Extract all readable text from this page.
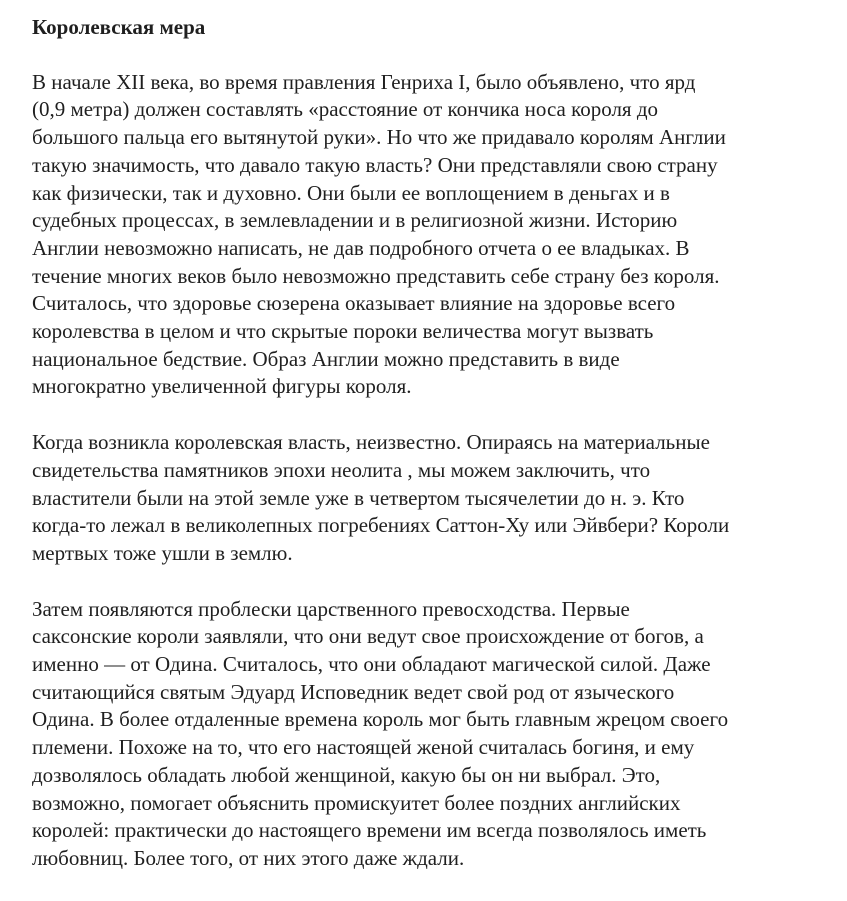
Королевская мера
В начале XII века, во время правления Генриха I, было объявлено, что ярд
(0,9 метра) должен составлять «расстояние от кончика носа короля до
большого пальца его вытянутой руки». Но что же придавало королям Англии
такую значимость, что давало такую власть? Они представляли свою страну
как физически, так и духовно. Они были ее воплощением в деньгах и в
судебных процессах, в землевладении и в религиозной жизни. Историю
Англии невозможно написать, не дав подробного отчета о ее владыках. В
течение многих веков было невозможно представить себе страну без короля.
Считалось, что здоровье сюзерена оказывает влияние на здоровье всего
королевства в целом и что скрытые пороки величества могут вызвать
национальное бедствие. Образ Англии можно представить в виде
многократно увеличенной фигуры короля.
Когда возникла королевская власть, неизвестно. Опираясь на материальные
свидетельства памятников эпохи неолита , мы можем заключить, что
властители были на этой земле уже в четвертом тысячелетии до н. э. Кто
когда-то лежал в великолепных погребениях Саттон-Ху или Эйвбери? Короли
мертвых тоже ушли в землю.
Затем появляются проблески царственного превосходства. Первые
саксонские короли заявляли, что они ведут свое происхождение от богов, а
именно — от Одина. Считалось, что они обладают магической силой. Даже
считающийся святым Эдуард Исповедник ведет свой род от языческого
Одина. В более отдаленные времена король мог быть главным жрецом своего
племени. Похоже на то, что его настоящей женой считалась богиня, и ему
дозволялось обладать любой женщиной, какую бы он ни выбрал. Это,
возможно, помогает объяснить промискуитет более поздних английских
королей: практически до настоящего времени им всегда позволялось иметь
любовниц. Более того, от них этого даже ждали.
